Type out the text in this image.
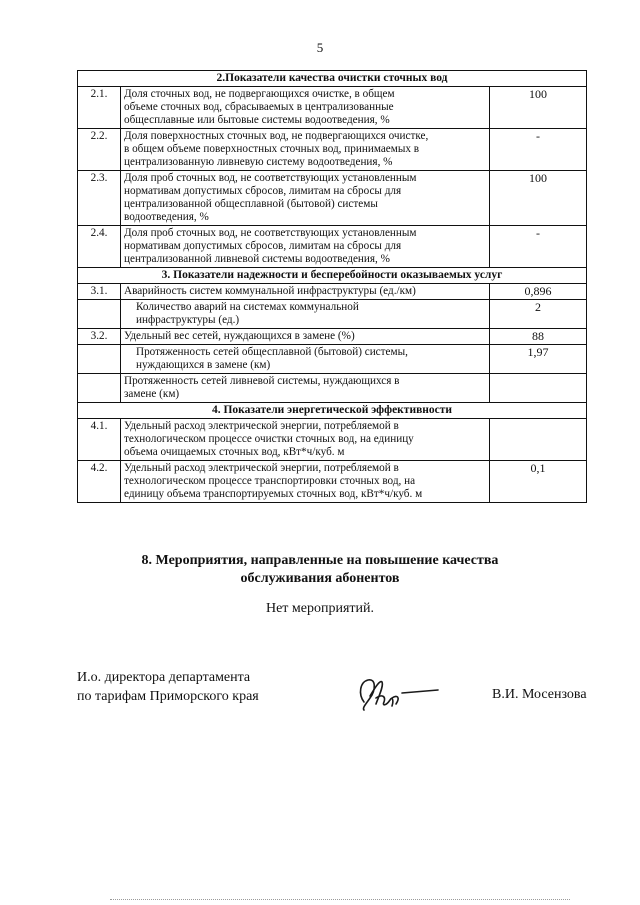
5
2.Показатели качества очистки сточных вод		
2.1.	Доля сточных вод, не подвергающихся очистке, в общем
объеме сточных вод, сбрасываемых в централизованные
общесплавные или бытовые системы водоотведения, %	100
2.2.	Доля поверхностных сточных вод, не подвергающихся очистке,
в общем объеме поверхностных сточных вод, принимаемых в
централизованную ливневую систему водоотведения, %	-
2.3.	Доля проб сточных вод, не соответствующих установленным
нормативам допустимых сбросов, лимитам на сбросы для
централизованной общесплавной (бытовой) системы
водоотведения, %	100
2.4.	Доля проб сточных вод, не соответствующих установленным
нормативам допустимых сбросов, лимитам на сбросы для
централизованной ливневой системы водоотведения, %	-
3. Показатели надежности и бесперебойности оказываемых услуг		
3.1.	Аварийность систем коммунальной инфраструктуры (ед./км)	0,896

	Количество аварий на системах коммунальной
инфраструктуры (ед.)	2
3.2.	Удельный вес сетей, нуждающихся в замене (%)	88

	Протяженность сетей общесплавной (бытовой) системы,
нуждающихся в замене (км)	1,97

	Протяженность сетей ливневой системы, нуждающихся в
замене (км)	

4. Показатели энергетической эффективности		
4.1.	Удельный расход электрической энергии, потребляемой в
технологическом процессе очистки сточных вод, на единицу
объема очищаемых сточных вод, кВт*ч/куб. м	

4.2.	Удельный расход электрической энергии, потребляемой в
технологическом процессе транспортировки сточных вод, на
единицу объема транспортируемых сточных вод, кВт*ч/куб. м	0,1
8. Мероприятия, направленные на повышение качества
обслуживания абонентов
Нет мероприятий.
И.о. директора департамента
по тарифам Приморского края	В.И. Мосензова
